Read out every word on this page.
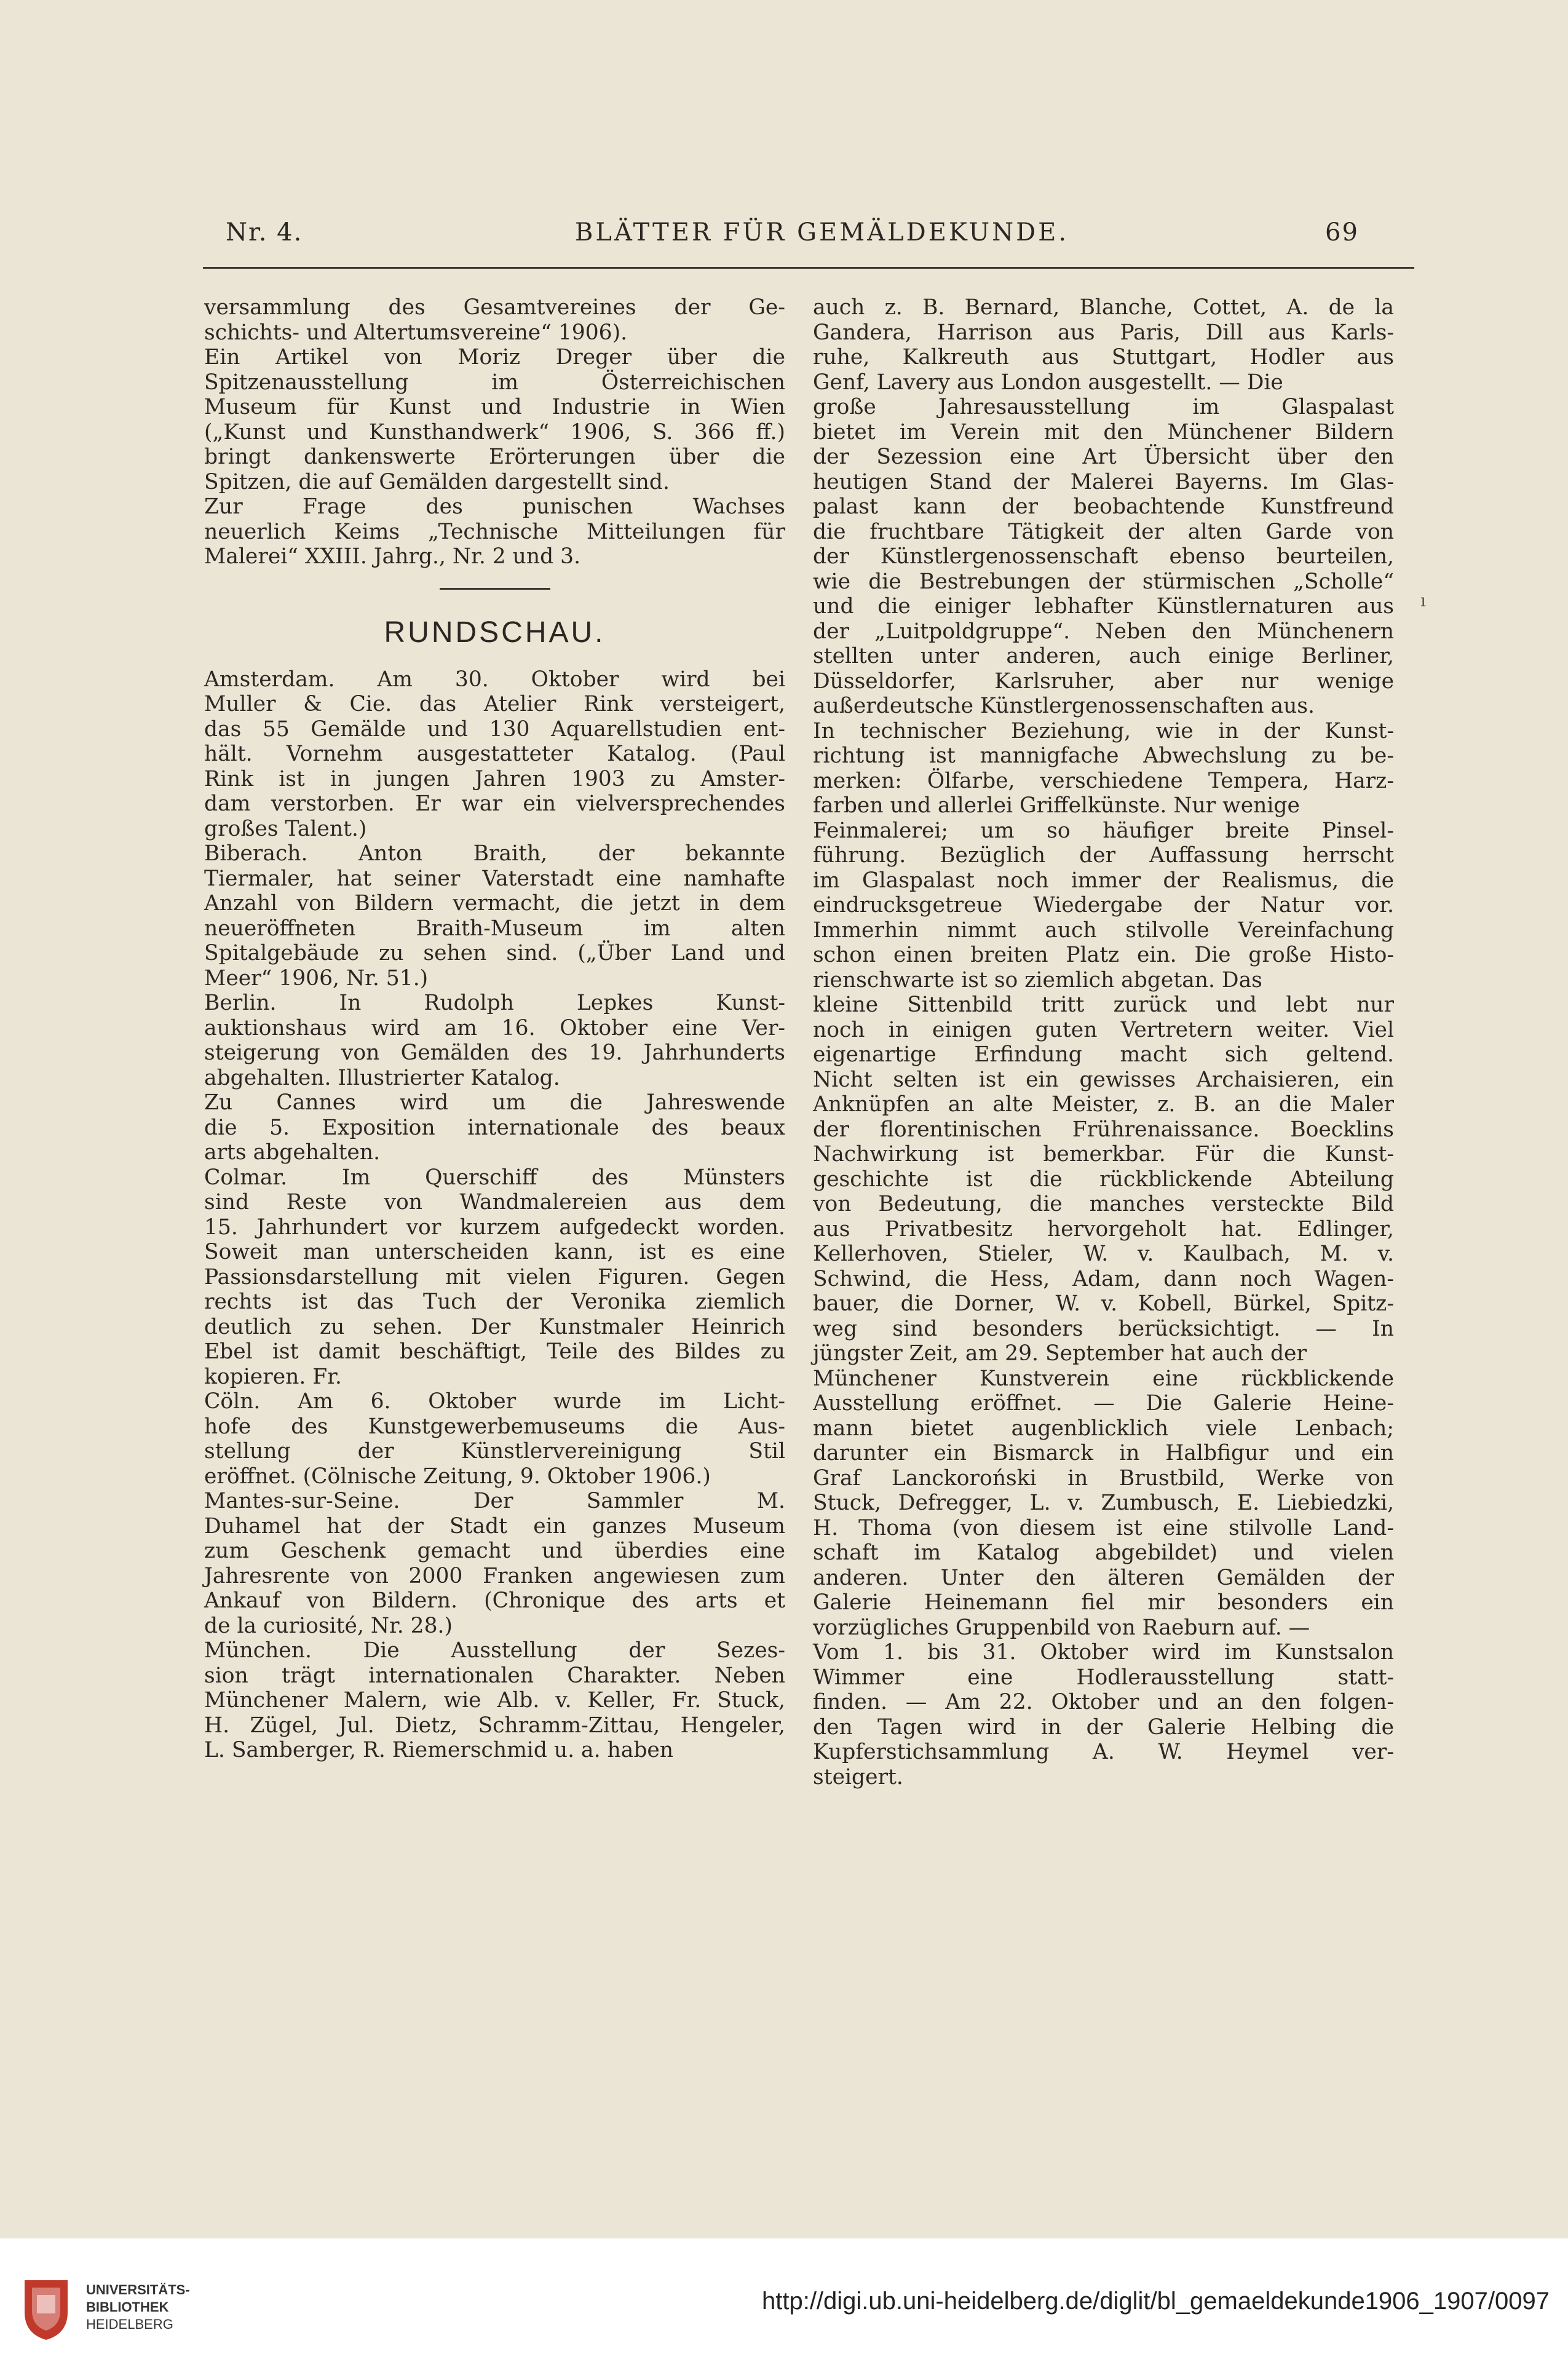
Nr. 4.	BLÄTTER FÜR GEMÄLDEKUNDE.	69
versammlung des Gesamtvereines der Ge-
schichts- und Altertumsvereine“ 1906).
Ein Artikel von Moriz Dreger über die
Spitzenausstellung im Österreichischen
Museum für Kunst und Industrie in Wien
(„Kunst und Kunsthandwerk“ 1906, S. 366 ff.)
bringt dankenswerte Erörterungen über die
Spitzen, die auf Gemälden dargestellt sind.
Zur Frage des punischen Wachses
neuerlich Keims „Technische Mitteilungen für
Malerei“ XXIII. Jahrg., Nr. 2 und 3.
RUNDSCHAU.
Amsterdam. Am 30. Oktober wird bei
Muller & Cie. das Atelier Rink versteigert,
das 55 Gemälde und 130 Aquarellstudien ent-
hält. Vornehm ausgestatteter Katalog. (Paul
Rink ist in jungen Jahren 1903 zu Amster-
dam verstorben. Er war ein vielversprechendes
großes Talent.)
Biberach. Anton Braith, der bekannte
Tiermaler, hat seiner Vaterstadt eine namhafte
Anzahl von Bildern vermacht, die jetzt in dem
neueröffneten Braith-Museum im alten
Spitalgebäude zu sehen sind. („Über Land und
Meer“ 1906, Nr. 51.)
Berlin. In Rudolph Lepkes Kunst-
auktionshaus wird am 16. Oktober eine Ver-
steigerung von Gemälden des 19. Jahrhunderts
abgehalten. Illustrierter Katalog.
Zu Cannes wird um die Jahreswende
die 5. Exposition internationale des beaux
arts abgehalten.
Colmar. Im Querschiff des Münsters
sind Reste von Wandmalereien aus dem
15. Jahrhundert vor kurzem aufgedeckt worden.
Soweit man unterscheiden kann, ist es eine
Passionsdarstellung mit vielen Figuren. Gegen
rechts ist das Tuch der Veronika ziemlich
deutlich zu sehen. Der Kunstmaler Heinrich
Ebel ist damit beschäftigt, Teile des Bildes zu
kopieren. Fr.
Cöln. Am 6. Oktober wurde im Licht-
hofe des Kunstgewerbemuseums die Aus-
stellung der Künstlervereinigung Stil
eröffnet. (Cölnische Zeitung, 9. Oktober 1906.)
Mantes-sur-Seine. Der Sammler M.
Duhamel hat der Stadt ein ganzes Museum
zum Geschenk gemacht und überdies eine
Jahresrente von 2000 Franken angewiesen zum
Ankauf von Bildern. (Chronique des arts et
de la curiosité, Nr. 28.)
München. Die Ausstellung der Sezes-
sion trägt internationalen Charakter. Neben
Münchener Malern, wie Alb. v. Keller, Fr. Stuck,
H. Zügel, Jul. Dietz, Schramm-Zittau, Hengeler,
L. Samberger, R. Riemerschmid u. a. haben
auch z. B. Bernard, Blanche, Cottet, A. de la
Gandera, Harrison aus Paris, Dill aus Karls-
ruhe, Kalkreuth aus Stuttgart, Hodler aus
Genf, Lavery aus London ausgestellt. — Die
große Jahresausstellung im Glaspalast
bietet im Verein mit den Münchener Bildern
der Sezession eine Art Übersicht über den
heutigen Stand der Malerei Bayerns. Im Glas-
palast kann der beobachtende Kunstfreund
die fruchtbare Tätigkeit der alten Garde von
der Künstlergenossenschaft ebenso beurteilen,
wie die Bestrebungen der stürmischen „Scholle“
und die einiger lebhafter Künstlernaturen aus
der „Luitpoldgruppe“. Neben den Münchenern
stellten unter anderen, auch einige Berliner,
Düsseldorfer, Karlsruher, aber nur wenige
außerdeutsche Künstlergenossenschaften aus.
In technischer Beziehung, wie in der Kunst-
richtung ist mannigfache Abwechslung zu be-
merken: Ölfarbe, verschiedene Tempera, Harz-
farben und allerlei Griffelkünste. Nur wenige
Feinmalerei; um so häufiger breite Pinsel-
führung. Bezüglich der Auffassung herrscht
im Glaspalast noch immer der Realismus, die
eindrucksgetreue Wiedergabe der Natur vor.
Immerhin nimmt auch stilvolle Vereinfachung
schon einen breiten Platz ein. Die große Histo-
rienschwarte ist so ziemlich abgetan. Das
kleine Sittenbild tritt zurück und lebt nur
noch in einigen guten Vertretern weiter. Viel
eigenartige Erfindung macht sich geltend.
Nicht selten ist ein gewisses Archaisieren, ein
Anknüpfen an alte Meister, z. B. an die Maler
der florentinischen Frührenaissance. Boecklins
Nachwirkung ist bemerkbar. Für die Kunst-
geschichte ist die rückblickende Abteilung
von Bedeutung, die manches versteckte Bild
aus Privatbesitz hervorgeholt hat. Edlinger,
Kellerhoven, Stieler, W. v. Kaulbach, M. v.
Schwind, die Hess, Adam, dann noch Wagen-
bauer, die Dorner, W. v. Kobell, Bürkel, Spitz-
weg sind besonders berücksichtigt. — In
jüngster Zeit, am 29. September hat auch der
Münchener Kunstverein eine rückblickende
Ausstellung eröffnet. — Die Galerie Heine-
mann bietet augenblicklich viele Lenbach;
darunter ein Bismarck in Halbfigur und ein
Graf Lanckoroński in Brustbild, Werke von
Stuck, Defregger, L. v. Zumbusch, E. Liebiedzki,
H. Thoma (von diesem ist eine stilvolle Land-
schaft im Katalog abgebildet) und vielen
anderen. Unter den älteren Gemälden der
Galerie Heinemann fiel mir besonders ein
vorzügliches Gruppenbild von Raeburn auf. —
Vom 1. bis 31. Oktober wird im Kunstsalon
Wimmer eine Hodlerausstellung statt-
finden. — Am 22. Oktober und an den folgen-
den Tagen wird in der Galerie Helbing die
Kupferstichsammlung A. W. Heymel ver-
steigert.
ı
UNIVERSITÄTS-
BIBLIOTHEK
HEIDELBERG
http://digi.ub.uni-heidelberg.de/diglit/bl_gemaeldekunde1906_1907/0097
